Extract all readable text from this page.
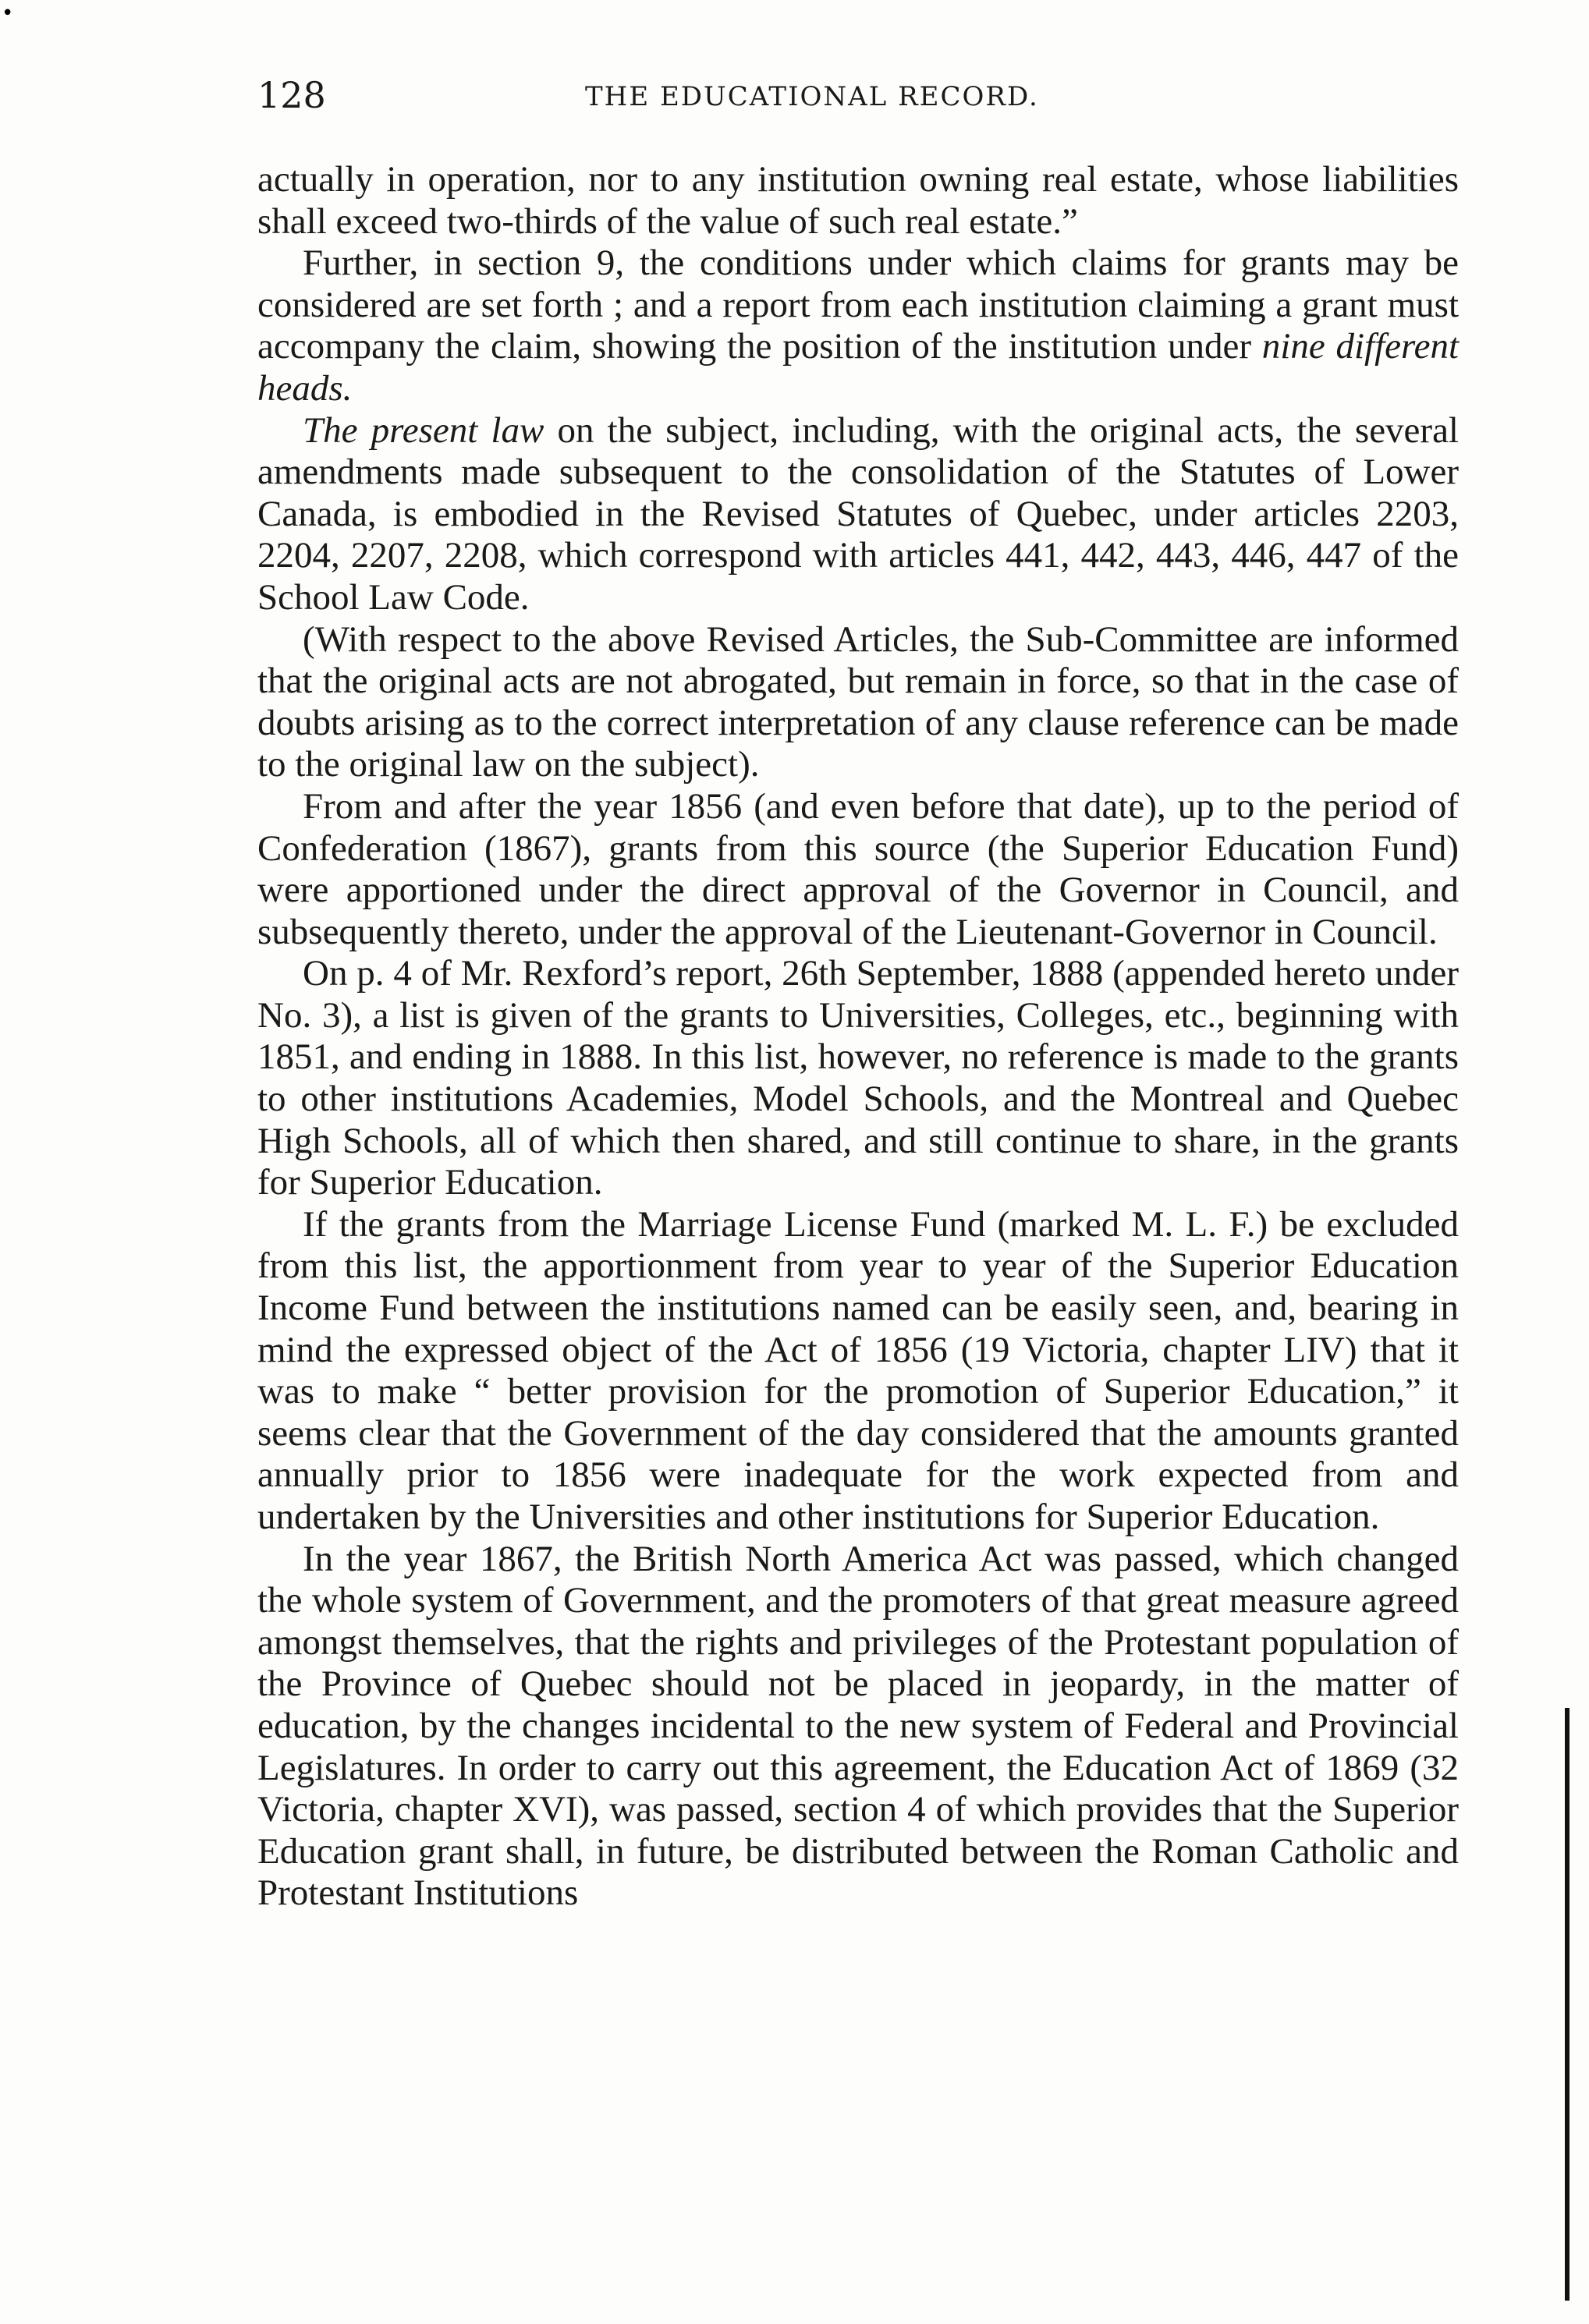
•
128	THE EDUCATIONAL RECORD.

actually in operation, nor to any institution owning real estate, whose liabilities shall exceed two-thirds of the value of such real estate.”

Further, in section 9, the conditions under which claims for grants may be considered are set forth ; and a report from each institution claiming a grant must accompany the claim, showing the position of the institution under nine different heads.

The present law on the subject, including, with the original acts, the several amendments made subsequent to the consolidation of the Statutes of Lower Canada, is embodied in the Revised Statutes of Quebec, under articles 2203, 2204, 2207, 2208, which correspond with articles 441, 442, 443, 446, 447 of the School Law Code.

(With respect to the above Revised Articles, the Sub-Committee are informed that the original acts are not abrogated, but remain in force, so that in the case of doubts arising as to the correct interpretation of any clause reference can be made to the original law on the subject).

From and after the year 1856 (and even before that date), up to the period of Confederation (1867), grants from this source (the Superior Education Fund) were apportioned under the direct approval of the Governor in Council, and subsequently thereto, under the approval of the Lieutenant-Governor in Council.

On p. 4 of Mr. Rexford’s report, 26th September, 1888 (appended hereto under No. 3), a list is given of the grants to Universities, Colleges, etc., beginning with 1851, and ending in 1888. In this list, however, no reference is made to the grants to other institutions Academies, Model Schools, and the Montreal and Quebec High Schools, all of which then shared, and still continue to share, in the grants for Superior Education.

If the grants from the Marriage License Fund (marked M. L. F.) be excluded from this list, the apportionment from year to year of the Superior Education Income Fund between the institutions named can be easily seen, and, bearing in mind the expressed object of the Act of 1856 (19 Victoria, chapter LIV) that it was to make “ better provision for the promotion of Superior Education,” it seems clear that the Government of the day considered that the amounts granted annually prior to 1856 were inadequate for the work expected from and undertaken by the Universities and other institutions for Superior Education.

In the year 1867, the British North America Act was passed, which changed the whole system of Government, and the promoters of that great measure agreed amongst themselves, that the rights and privileges of the Protestant population of the Province of Quebec should not be placed in jeopardy, in the matter of education, by the changes incidental to the new system of Federal and Provincial Legislatures. In order to carry out this agreement, the Education Act of 1869 (32 Victoria, chapter XVI), was passed, section 4 of which provides that the Superior Education grant shall, in future, be distributed between the Roman Catholic and Protestant Institutions
